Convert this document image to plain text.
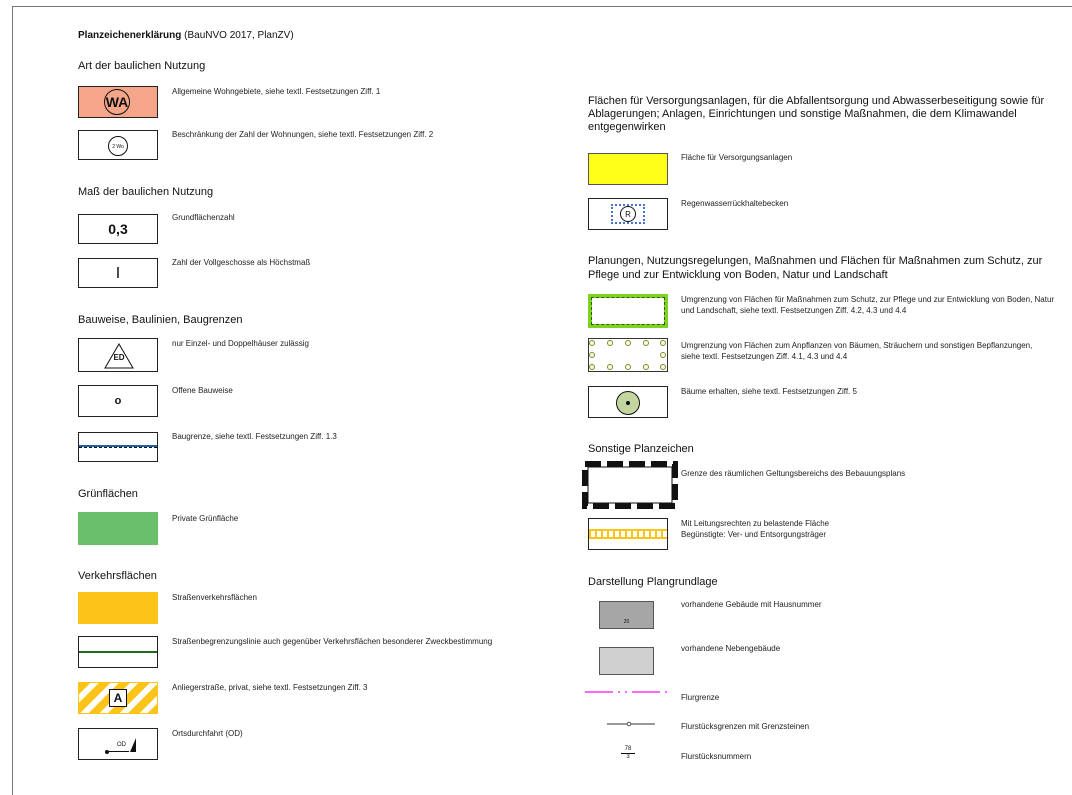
Planzeichenerklärung (BauNVO 2017, PlanZV)
Art der baulichen Nutzung
WA
Allgemeine Wohngebiete, siehe textl. Festsetzungen Ziff. 1
2 Wo
Beschränkung der Zahl der Wohnungen, siehe textl. Festsetzungen Ziff. 2
Maß der baulichen Nutzung
0,3
Grundflächenzahl
I
Zahl der Vollgeschosse als Höchstmaß
Bauweise, Baulinien, Baugrenzen
ED
nur Einzel- und Doppelhäuser zulässig
o
Offene Bauweise
Baugrenze, siehe textl. Festsetzungen Ziff. 1.3
Grünflächen
Private Grünfläche
Verkehrsflächen
Straßenverkehrsflächen
Straßenbegrenzungslinie auch gegenüber Verkehrsflächen besonderer Zweckbestimmung
A
Anliegerstraße, privat, siehe textl. Festsetzungen Ziff. 3
OD
Ortsdurchfahrt (OD)
Flächen für Versorgungsanlagen, für die Abfallentsorgung und Abwasserbeseitigung sowie für Ablagerungen; Anlagen, Einrichtungen und sonstige Maßnahmen, die dem Klimawandel entgegenwirken
Fläche für Versorgungsanlagen
R
Regenwasserrückhaltebecken
Planungen, Nutzungsregelungen, Maßnahmen und Flächen für Maßnahmen zum Schutz, zur Pflege und zur Entwicklung von Boden, Natur und Landschaft
Umgrenzung von Flächen für Maßnahmen zum Schutz, zur Pflege und zur Entwicklung von Boden, Natur und Landschaft, siehe textl. Festsetzungen Ziff. 4.2, 4.3 und 4.4
Umgrenzung von Flächen zum Anpflanzen von Bäumen, Sträuchern und sonstigen Bepflanzungen, siehe textl. Festsetzungen Ziff. 4.1, 4.3 und 4.4
Bäume erhalten, siehe textl. Festsetzungen Ziff. 5
Sonstige Planzeichen
Grenze des räumlichen Geltungsbereichs des Bebauungsplans
Mit Leitungsrechten zu belastende Fläche
Begünstigte: Ver- und Entsorgungsträger
Darstellung Plangrundlage
20
vorhandene Gebäude mit Hausnummer
vorhandene Nebengebäude
Flurgrenze
Flurstücksgrenzen mit Grenzsteinen
78
3	Flurstücksnummern
